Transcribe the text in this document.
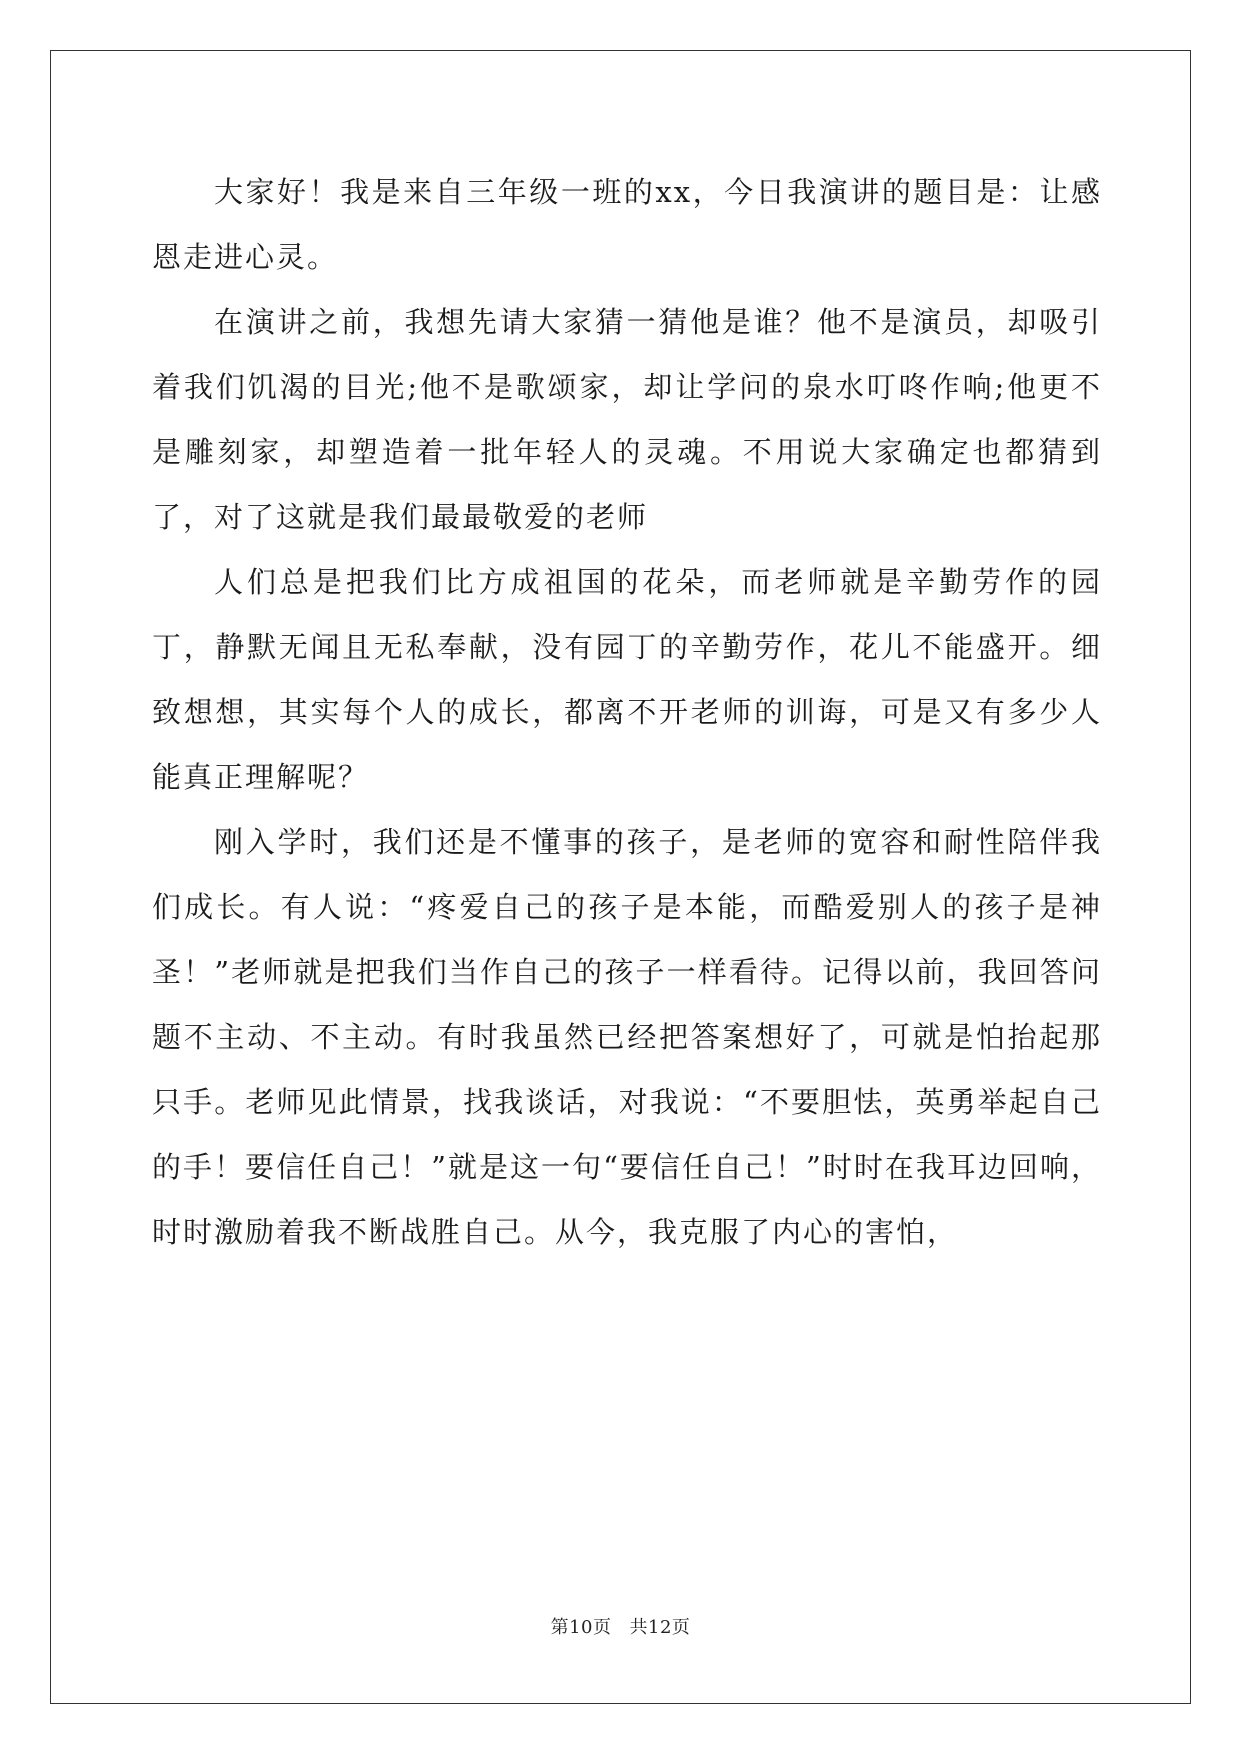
大家好！我是来自三年级一班的xx，今日我演讲的题目是：让感恩走进心灵。

在演讲之前，我想先请大家猜一猜他是谁？他不是演员，却吸引着我们饥渴的目光;他不是歌颂家，却让学问的泉水叮咚作响;他更不是雕刻家，却塑造着一批年轻人的灵魂。不用说大家确定也都猜到了，对了这就是我们最最敬爱的老师

人们总是把我们比方成祖国的花朵，而老师就是辛勤劳作的园丁，静默无闻且无私奉献，没有园丁的辛勤劳作，花儿不能盛开。细致想想，其实每个人的成长，都离不开老师的训诲，可是又有多少人能真正理解呢？

刚入学时，我们还是不懂事的孩子，是老师的宽容和耐性陪伴我们成长。有人说：“疼爱自己的孩子是本能，而酷爱别人的孩子是神圣！”老师就是把我们当作自己的孩子一样看待。记得以前，我回答问题不主动、不主动。有时我虽然已经把答案想好了，可就是怕抬起那只手。老师见此情景，找我谈话，对我说：“不要胆怯，英勇举起自己的手！要信任自己！”就是这一句“要信任自己！”时时在我耳边回响，时时激励着我不断战胜自己。从今，我克服了内心的害怕，

第10页 共12页
